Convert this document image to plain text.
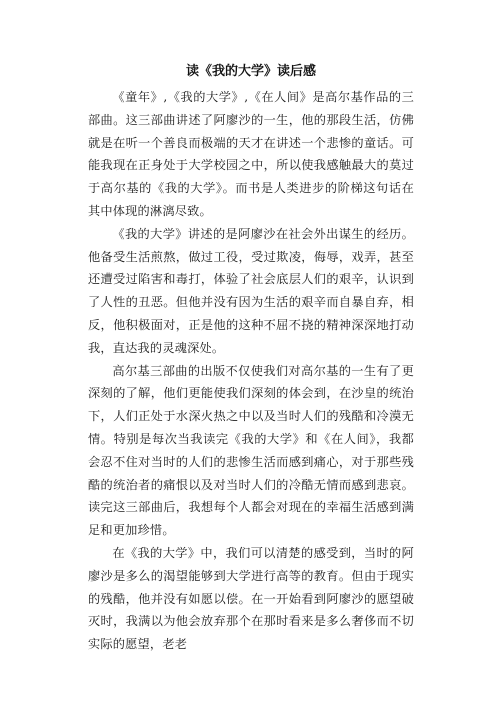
读《我的大学》读后感

《童年》,《我的大学》,《在人间》是高尔基作品的三部曲。这三部曲讲述了阿廖沙的一生，他的那段生活，仿佛就是在听一个善良而极端的天才在讲述一个悲惨的童话。可能我现在正身处于大学校园之中，所以使我感触最大的莫过于高尔基的《我的大学》。而书是人类进步的阶梯这句话在其中体现的淋漓尽致。

《我的大学》讲述的是阿廖沙在社会外出谋生的经历。他备受生活煎熬，做过工役，受过欺凌，侮辱，戏弄，甚至还遭受过陷害和毒打，体验了社会底层人们的艰辛，认识到了人性的丑恶。但他并没有因为生活的艰辛而自暴自弃，相反，他积极面对，正是他的这种不屈不挠的精神深深地打动我，直达我的灵魂深处。

高尔基三部曲的出版不仅使我们对高尔基的一生有了更深刻的了解，他们更能使我们深刻的体会到，在沙皇的统治下，人们正处于水深火热之中以及当时人们的残酷和冷漠无情。特别是每次当我读完《我的大学》和《在人间》，我都会忍不住对当时的人们的悲惨生活而感到痛心，对于那些残酷的统治者的痛恨以及对当时人们的冷酷无情而感到悲哀。读完这三部曲后，我想每个人都会对现在的幸福生活感到满足和更加珍惜。

在《我的大学》中，我们可以清楚的感受到，当时的阿廖沙是多么的渴望能够到大学进行高等的教育。但由于现实的残酷，他并没有如愿以偿。在一开始看到阿廖沙的愿望破灭时，我满以为他会放弃那个在那时看来是多么奢侈而不切实际的愿望，老老
